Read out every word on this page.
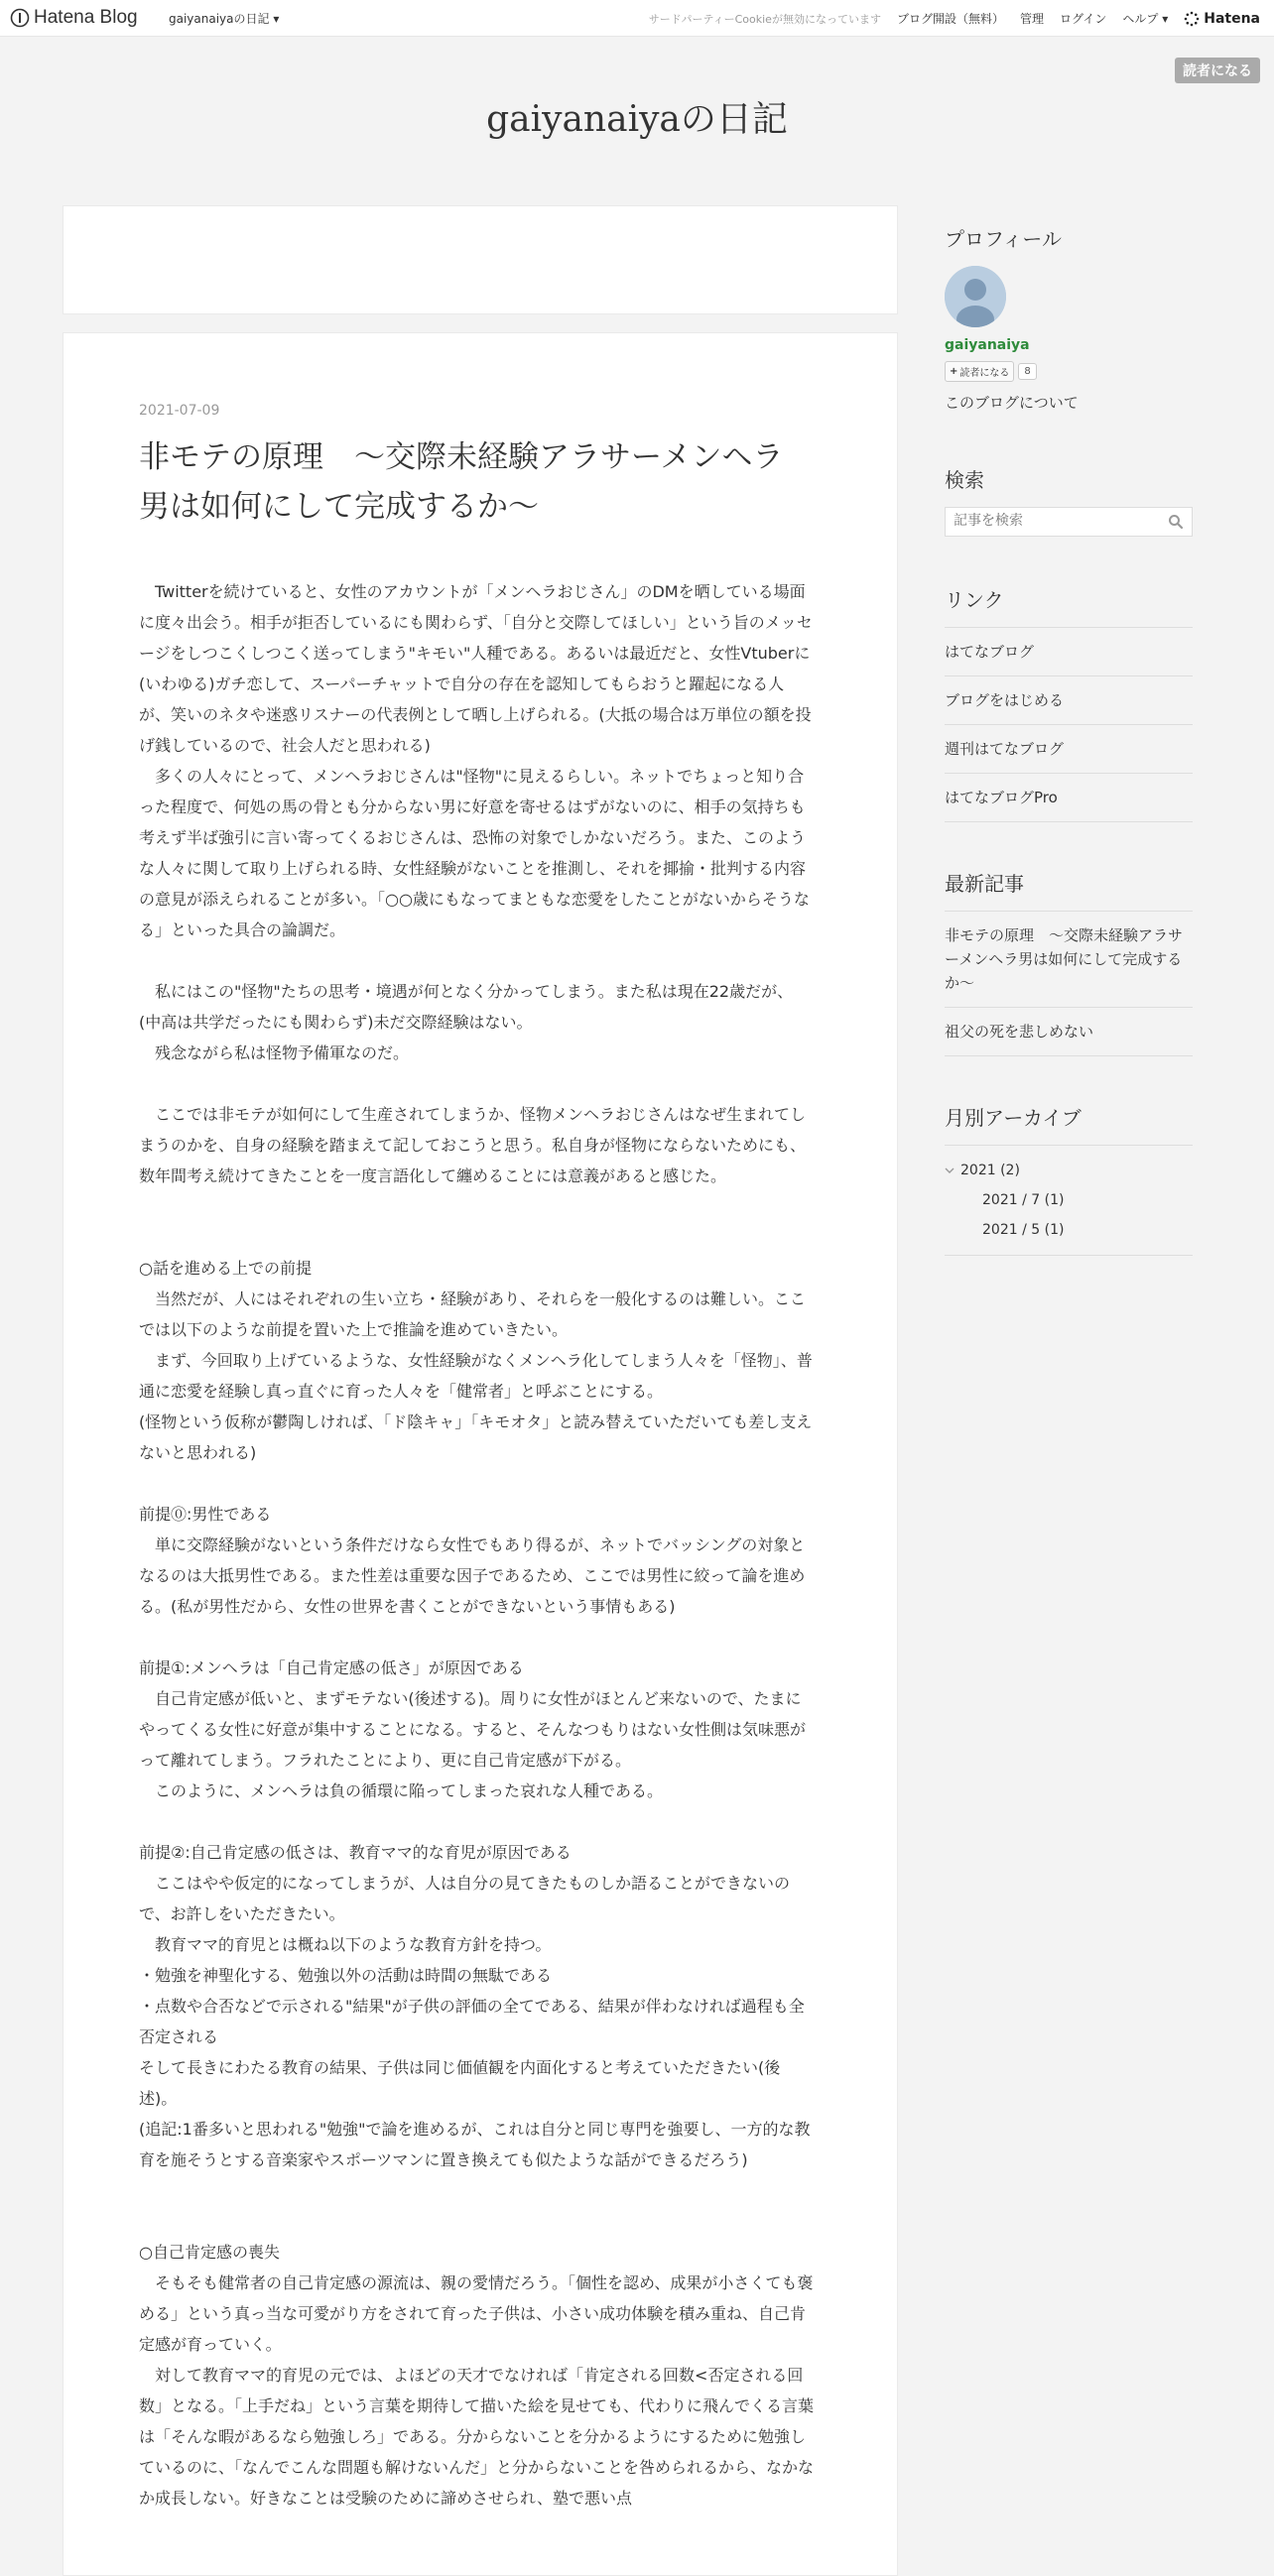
Hatena Blog	gaiyanaiyaの日記 ▾	サードパーティーCookieが無効になっています ブログ開設（無料） 管理 ログイン ヘルプ ▾	Hatena
読者になる
gaiyanaiyaの日記
2021-07-09
非モテの原理　〜交際未経験アラサーメンヘラ男は如何にして完成するか〜

　Twitterを続けていると、女性のアカウントが「メンヘラおじさん」のDMを晒している場面に度々出会う。相手が拒否しているにも関わらず、「自分と交際してほしい」という旨のメッセージをしつこくしつこく送ってしまう"キモい"人種である。あるいは最近だと、女性Vtuberに(いわゆる)ガチ恋して、スーパーチャットで自分の存在を認知してもらおうと躍起になる人が、笑いのネタや迷惑リスナーの代表例として晒し上げられる。(大抵の場合は万単位の額を投げ銭しているので、社会人だと思われる)

　多くの人々にとって、メンヘラおじさんは"怪物"に見えるらしい。ネットでちょっと知り合った程度で、何処の馬の骨とも分からない男に好意を寄せるはずがないのに、相手の気持ちも考えず半ば強引に言い寄ってくるおじさんは、恐怖の対象でしかないだろう。また、このような人々に関して取り上げられる時、女性経験がないことを推測し、それを揶揄・批判する内容の意見が添えられることが多い。「○○歳にもなってまともな恋愛をしたことがないからそうなる」といった具合の論調だ。

　私にはこの"怪物"たちの思考・境遇が何となく分かってしまう。また私は現在22歳だが、(中高は共学だったにも関わらず)未だ交際経験はない。

　残念ながら私は怪物予備軍なのだ。

　ここでは非モテが如何にして生産されてしまうか、怪物メンヘラおじさんはなぜ生まれてしまうのかを、自身の経験を踏まえて記しておこうと思う。私自身が怪物にならないためにも、数年間考え続けてきたことを一度言語化して纏めることには意義があると感じた。

○話を進める上での前提

　当然だが、人にはそれぞれの生い立ち・経験があり、それらを一般化するのは難しい。ここでは以下のような前提を置いた上で推論を進めていきたい。

　まず、今回取り上げているような、女性経験がなくメンヘラ化してしまう人々を「怪物」、普通に恋愛を経験し真っ直ぐに育った人々を「健常者」と呼ぶことにする。

(怪物という仮称が鬱陶しければ、「ド陰キャ」「キモオタ」と読み替えていただいても差し支えないと思われる)

前提⓪:男性である

　単に交際経験がないという条件だけなら女性でもあり得るが、ネットでバッシングの対象となるのは大抵男性である。また性差は重要な因子であるため、ここでは男性に絞って論を進める。(私が男性だから、女性の世界を書くことができないという事情もある)

前提①:メンヘラは「自己肯定感の低さ」が原因である

　自己肯定感が低いと、まずモテない(後述する)。周りに女性がほとんど来ないので、たまにやってくる女性に好意が集中することになる。すると、そんなつもりはない女性側は気味悪がって離れてしまう。フラれたことにより、更に自己肯定感が下がる。

　このように、メンヘラは負の循環に陥ってしまった哀れな人種である。

前提②:自己肯定感の低さは、教育ママ的な育児が原因である

　ここはやや仮定的になってしまうが、人は自分の見てきたものしか語ることができないので、お許しをいただきたい。

　教育ママ的育児とは概ね以下のような教育方針を持つ。

・勉強を神聖化する、勉強以外の活動は時間の無駄である

・点数や合否などで示される"結果"が子供の評価の全てである、結果が伴わなければ過程も全否定される

そして長きにわたる教育の結果、子供は同じ価値観を内面化すると考えていただきたい(後述)。

(追記:1番多いと思われる"勉強"で論を進めるが、これは自分と同じ専門を強要し、一方的な教育を施そうとする音楽家やスポーツマンに置き換えても似たような話ができるだろう)

○自己肯定感の喪失

　そもそも健常者の自己肯定感の源流は、親の愛情だろう。「個性を認め、成果が小さくても褒める」という真っ当な可愛がり方をされて育った子供は、小さい成功体験を積み重ね、自己肯定感が育っていく。

　対して教育ママ的育児の元では、よほどの天才でなければ「肯定される回数<否定される回数」となる。「上手だね」という言葉を期待して描いた絵を見せても、代わりに飛んでくる言葉は「そんな暇があるなら勉強しろ」である。分からないことを分かるようにするために勉強しているのに、「なんでこんな問題も解けないんだ」と分からないことを咎められるから、なかなか成長しない。好きなことは受験のために諦めさせられ、塾で悪い点

プロフィール
gaiyanaiya
+ 読者になる	8
このブログについて
検索
記事を検索
リンク
はてなブログ
ブログをはじめる
週刊はてなブログ
はてなブログPro
最新記事
非モテの原理　〜交際未経験アラサーメンヘラ男は如何にして完成するか〜
祖父の死を悲しめない
月別アーカイブ
2021 (2)
2021 / 7 (1)
2021 / 5 (1)
